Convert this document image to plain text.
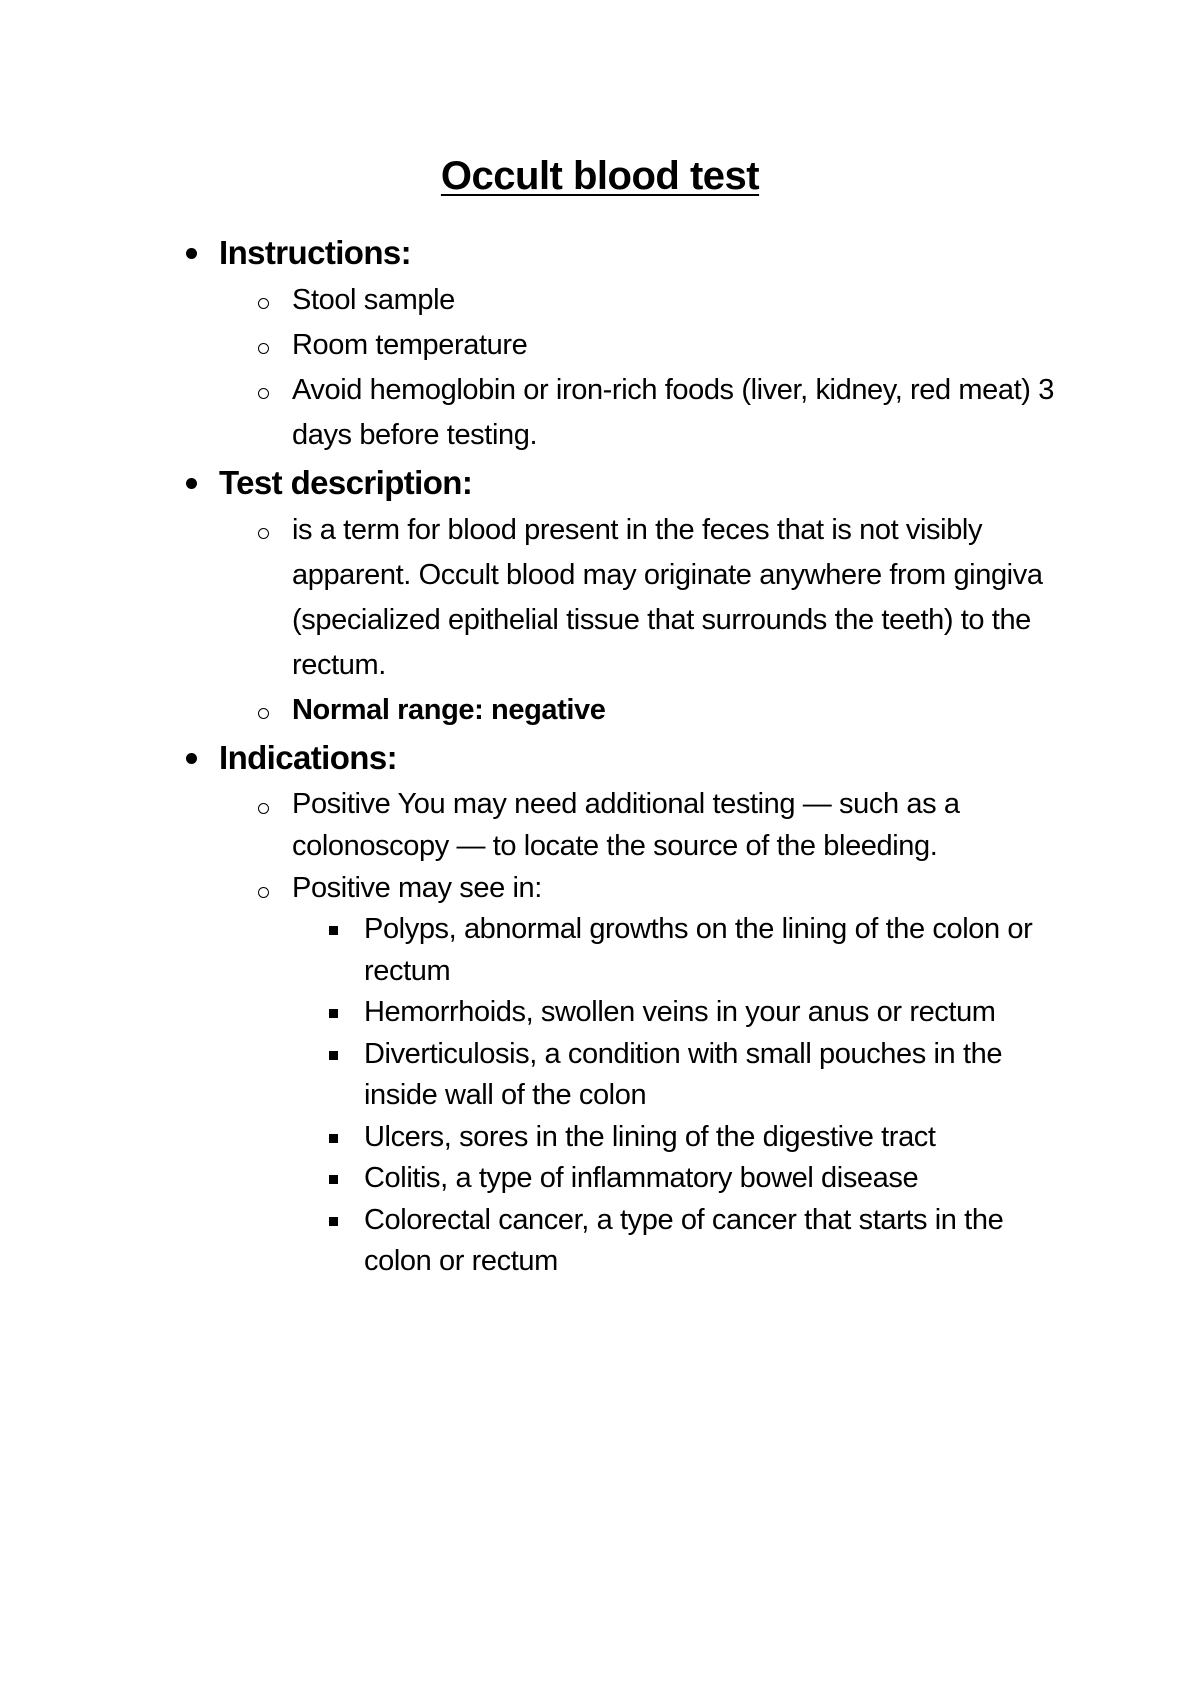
Occult blood test
Instructions:
Stool sample
Room temperature
Avoid hemoglobin or iron-rich foods (liver, kidney, red meat) 3 days before testing.
Test description:
is a term for blood present in the feces that is not visibly apparent. Occult blood may originate anywhere from gingiva (specialized epithelial tissue that surrounds the teeth) to the rectum.
Normal range: negative
Indications:
Positive You may need additional testing — such as a colonoscopy — to locate the source of the bleeding.
Positive may see in:
Polyps, abnormal growths on the lining of the colon or rectum
Hemorrhoids, swollen veins in your anus or rectum
Diverticulosis, a condition with small pouches in the inside wall of the colon
Ulcers, sores in the lining of the digestive tract
Colitis, a type of inflammatory bowel disease
Colorectal cancer, a type of cancer that starts in the colon or rectum
